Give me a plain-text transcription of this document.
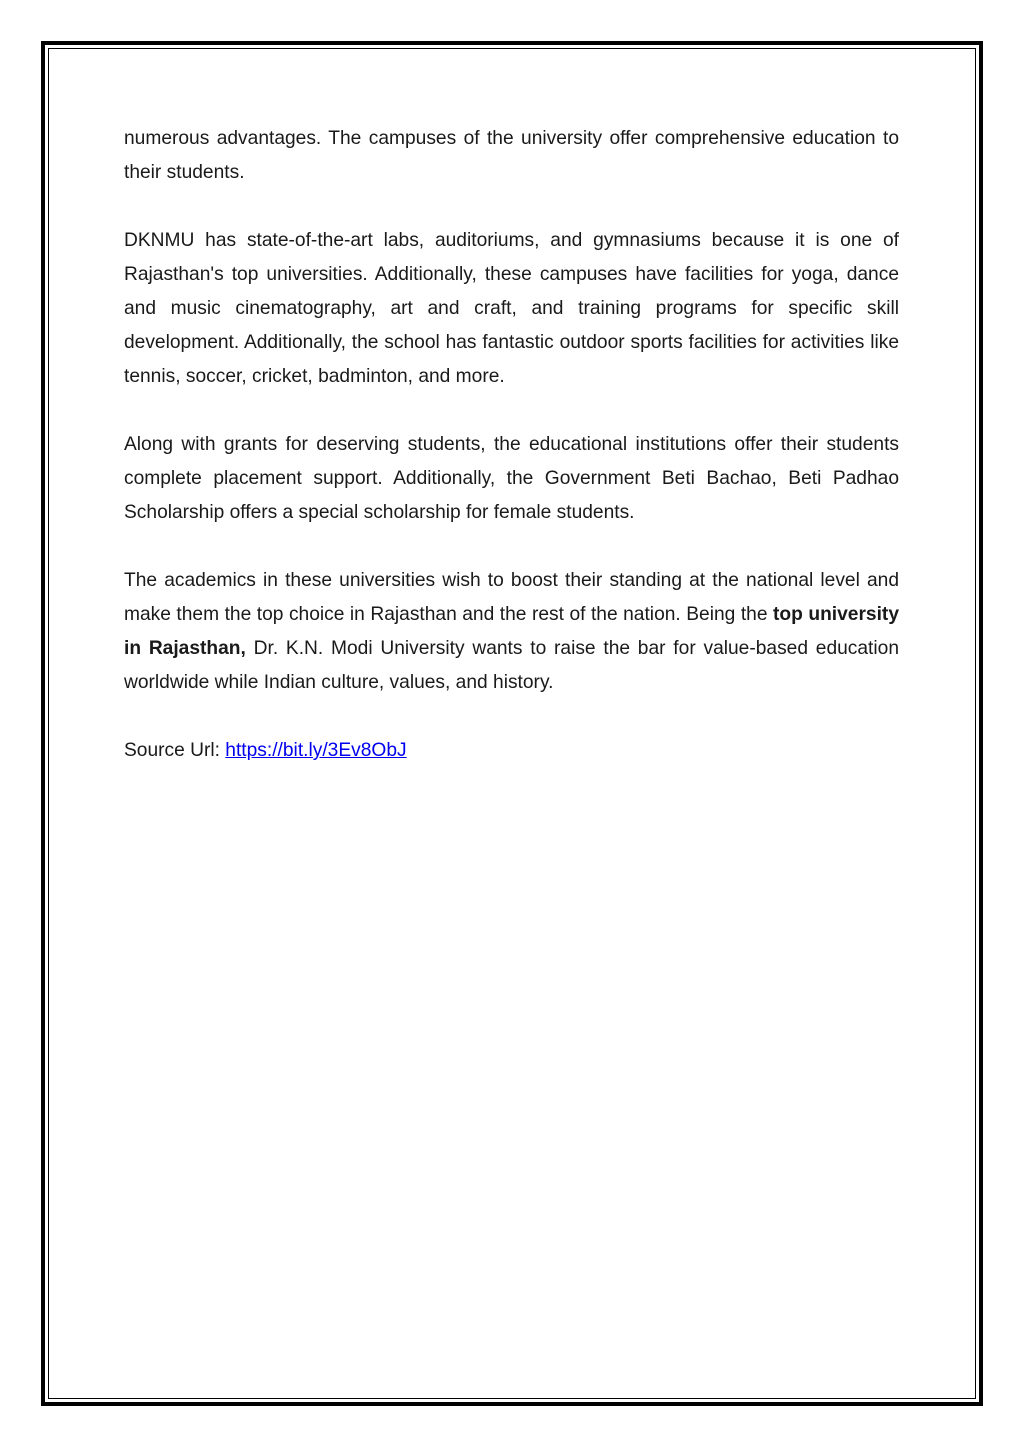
numerous advantages. The campuses of the university offer comprehensive education to their students.

DKNMU has state-of-the-art labs, auditoriums, and gymnasiums because it is one of Rajasthan's top universities. Additionally, these campuses have facilities for yoga, dance and music cinematography, art and craft, and training programs for specific skill development. Additionally, the school has fantastic outdoor sports facilities for activities like tennis, soccer, cricket, badminton, and more.

Along with grants for deserving students, the educational institutions offer their students complete placement support. Additionally, the Government Beti Bachao, Beti Padhao Scholarship offers a special scholarship for female students.

The academics in these universities wish to boost their standing at the national level and make them the top choice in Rajasthan and the rest of the nation. Being the top university in Rajasthan, Dr. K.N. Modi University wants to raise the bar for value-based education worldwide while Indian culture, values, and history.

Source Url: https://bit.ly/3Ev8ObJ
